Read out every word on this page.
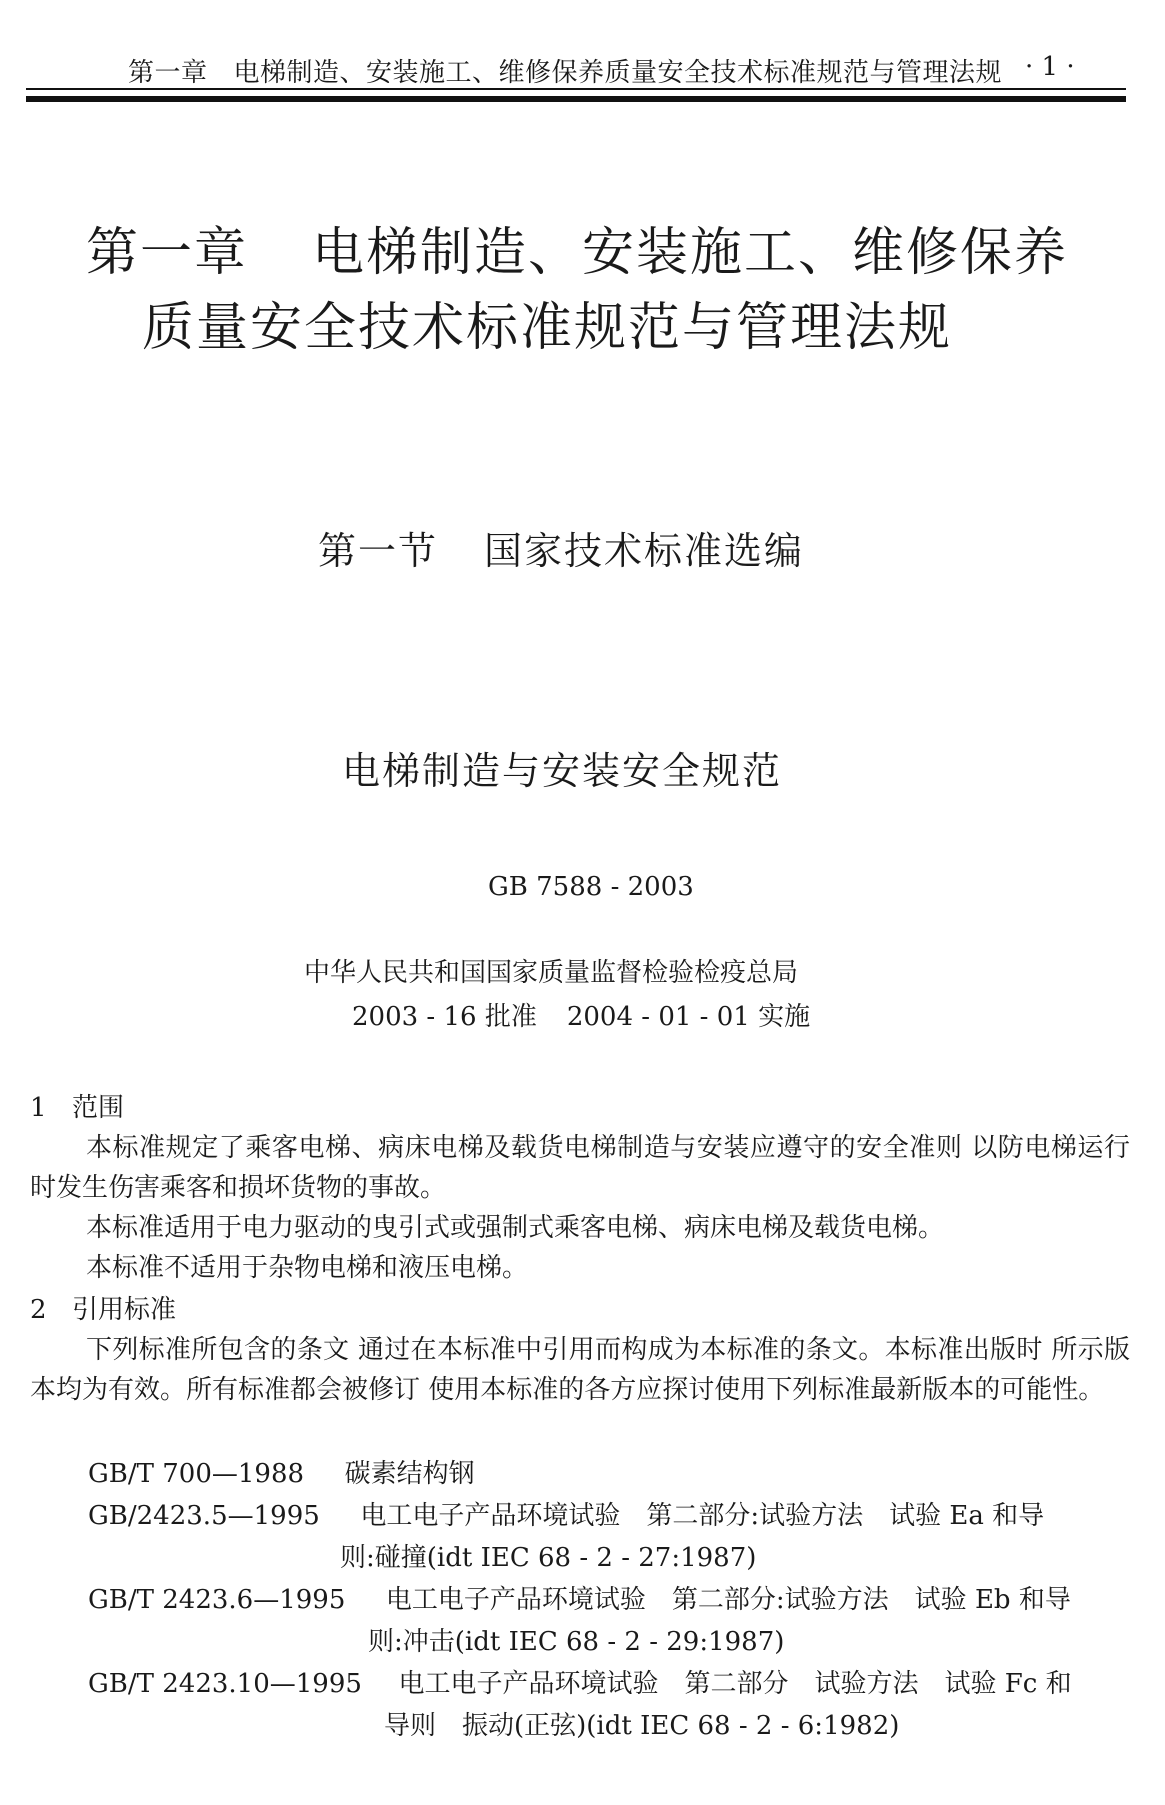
第一章 电梯制造、安装施工、维修保养质量安全技术标准规范与管理法规 · 1 ·
第一章 电梯制造、安装施工、维修保养
质量安全技术标准规范与管理法规
第一节 国家技术标准选编
电梯制造与安装安全规范
GB 7588 - 2003
中华人民共和国国家质量监督检验检疫总局
2003 - 16 批准 2004 - 01 - 01 实施
1 范围
本标准规定了乘客电梯、病床电梯及载货电梯制造与安装应遵守的安全准则 以防电梯运行时发生伤害乘客和损坏货物的事故。
本标准适用于电力驱动的曳引式或强制式乘客电梯、病床电梯及载货电梯。
本标准不适用于杂物电梯和液压电梯。
2 引用标准
下列标准所包含的条文 通过在本标准中引用而构成为本标准的条文。本标准出版时 所示版本均为有效。所有标准都会被修订 使用本标准的各方应探讨使用下列标准最新版本的可能性。
GB/T 700—1988 碳素结构钢
GB/2423.5—1995 电工电子产品环境试验　第二部分:试验方法　试验 Ea 和导
则:碰撞(idt IEC 68 - 2 - 27:1987)
GB/T 2423.6—1995 电工电子产品环境试验　第二部分:试验方法　试验 Eb 和导
则:冲击(idt IEC 68 - 2 - 29:1987)
GB/T 2423.10—1995 电工电子产品环境试验　第二部分　试验方法　试验 Fc 和
导则　振动(正弦)(idt IEC 68 - 2 - 6:1982)
